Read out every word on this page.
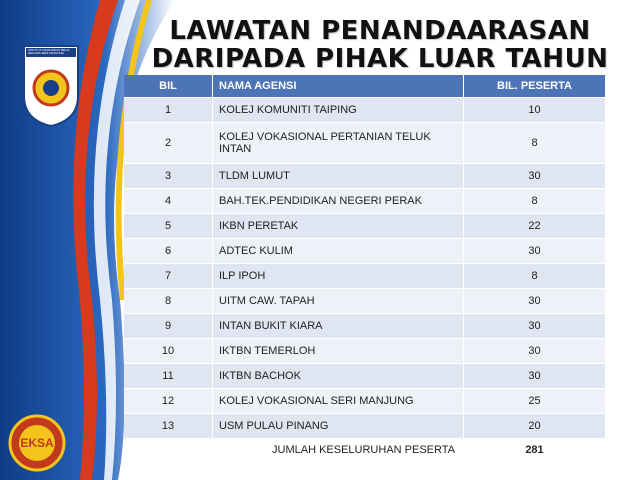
INSTITUT KEMAHIRAN BELIA NEGARA SERI MANJUNG
EKSA
LAWATAN PENANDAARASAN
DARIPADA PIHAK LUAR TAHUN
BIL	NAMA AGENSI	BIL. PESERTA
1	KOLEJ KOMUNITI TAIPING	10
2	KOLEJ VOKASIONAL PERTANIAN TELUK INTAN	8
3	TLDM LUMUT	30
4	BAH.TEK.PENDIDIKAN NEGERI PERAK	8
5	IKBN PERETAK	22
6	ADTEC KULIM	30
7	ILP IPOH	8
8	UITM CAW. TAPAH	30
9	INTAN BUKIT KIARA	30
10	IKTBN TEMERLOH	30
11	IKTBN BACHOK	30
12	KOLEJ VOKASIONAL SERI MANJUNG	25
13	USM PULAU PINANG	20
JUMLAH KESELURUHAN PESERTA		281
